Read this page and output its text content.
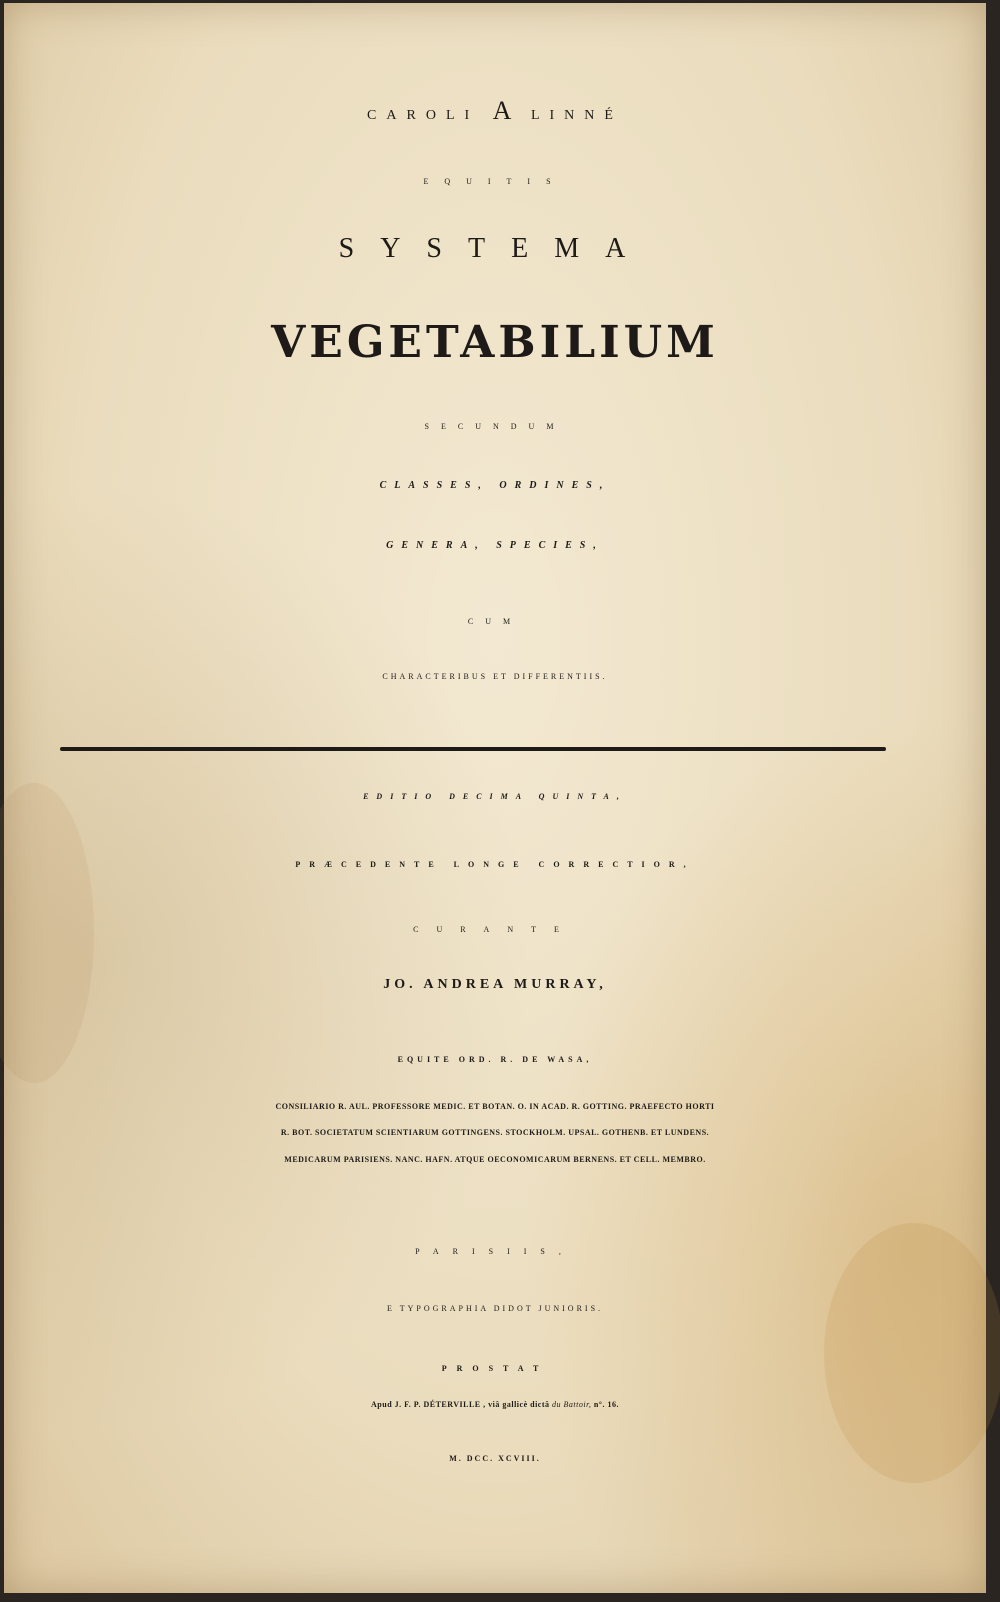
CAROLI A LINNÉ

EQUITIS

SYSTEMA

VEGETABILIUM

SECUNDUM

CLASSES, ORDINES,

GENERA, SPECIES,

CUM

CHARACTERIBUS ET DIFFERENTIIS.

EDITIO DECIMA QUINTA,

PRÆCEDENTE LONGE CORRECTIOR,

CURANTE

JO. ANDREA MURRAY,

EQUITE ORD. R. DE WASA,

CONSILIARIO R. AUL. PROFESSORE MEDIC. ET BOTAN. O. IN ACAD. R. GOTTING. PRAEFECTO HORTI

R. BOT. SOCIETATUM SCIENTIARUM GOTTINGENS. STOCKHOLM. UPSAL. GOTHENB. ET LUNDENS.

MEDICARUM PARISIENS. NANC. HAFN. ATQUE OECONOMICARUM BERNENS. ET CELL. MEMBRO.

PARISIIS,

E TYPOGRAPHIA DIDOT JUNIORIS.

PROSTAT

Apud J. F. P. DÉTERVILLE , viâ gallicè dictâ du Battoir, n°. 16.

M. DCC. XCVIII.
